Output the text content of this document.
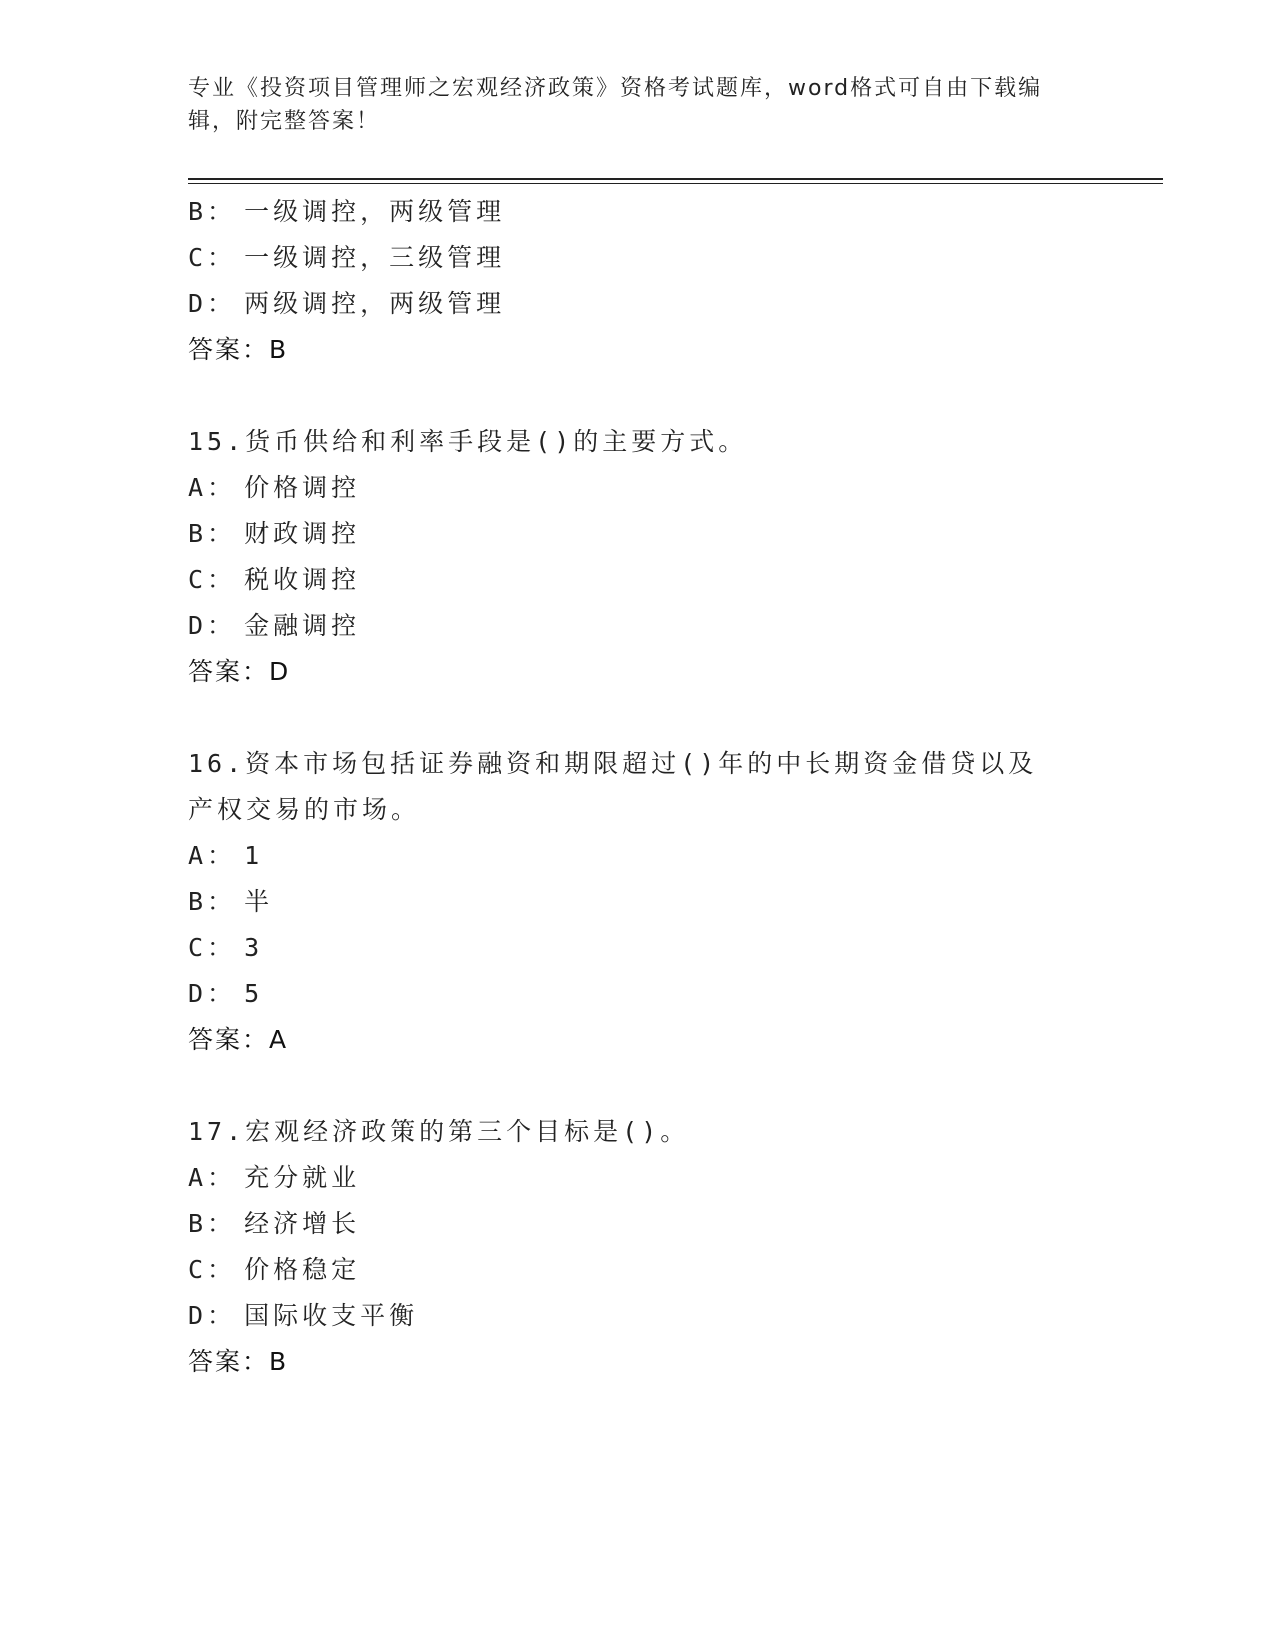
专业《投资项目管理师之宏观经济政策》资格考试题库，word格式可自由下载编辑，附完整答案！
B： 一级调控，两级管理
C： 一级调控，三级管理
D： 两级调控，两级管理
答案：B
15.货币供给和利率手段是()的主要方式。
A： 价格调控
B： 财政调控
C： 税收调控
D： 金融调控
答案：D
16.资本市场包括证券融资和期限超过()年的中长期资金借贷以及产权交易的市场。
A： 1
B： 半
C： 3
D： 5
答案：A
17.宏观经济政策的第三个目标是()。
A： 充分就业
B： 经济增长
C： 价格稳定
D： 国际收支平衡
答案：B
